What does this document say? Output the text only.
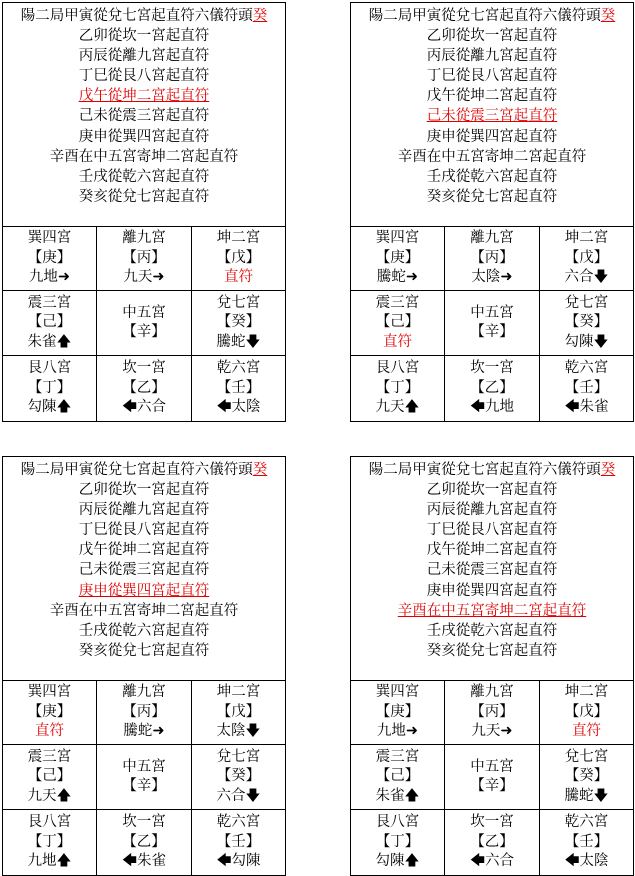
陽二局甲寅從兌七宮起直符六儀符頭癸
乙卯從坎一宮起直符
丙辰從離九宮起直符
丁巳從艮八宮起直符
戊午從坤二宮起直符
己未從震三宮起直符
庚申從巽四宮起直符
辛酉在中五宮寄坤二宮起直符
壬戌從乾六宮起直符
癸亥從兌七宮起直符
巽四宮
【庚】
九地➜
離九宮
【丙】
九天➜
坤二宮
【戊】
直符
震三宮
【己】
朱雀🡅
中五宮
【辛】
兌七宮
【癸】
騰蛇🡇
艮八宮
【丁】
勾陳🡅
坎一宮
【乙】
🡄六合
乾六宮
【壬】
🡄太陰
陽二局甲寅從兌七宮起直符六儀符頭癸
乙卯從坎一宮起直符
丙辰從離九宮起直符
丁巳從艮八宮起直符
戊午從坤二宮起直符
己未從震三宮起直符
庚申從巽四宮起直符
辛酉在中五宮寄坤二宮起直符
壬戌從乾六宮起直符
癸亥從兌七宮起直符
巽四宮
【庚】
騰蛇➜
離九宮
【丙】
太陰➜
坤二宮
【戊】
六合🡇
震三宮
【己】
直符
中五宮
【辛】
兌七宮
【癸】
勾陳🡇
艮八宮
【丁】
九天🡅
坎一宮
【乙】
🡄九地
乾六宮
【壬】
🡄朱雀
陽二局甲寅從兌七宮起直符六儀符頭癸
乙卯從坎一宮起直符
丙辰從離九宮起直符
丁巳從艮八宮起直符
戊午從坤二宮起直符
己未從震三宮起直符
庚申從巽四宮起直符
辛酉在中五宮寄坤二宮起直符
壬戌從乾六宮起直符
癸亥從兌七宮起直符
巽四宮
【庚】
直符
離九宮
【丙】
騰蛇➜
坤二宮
【戊】
太陰🡇
震三宮
【己】
九天🡅
中五宮
【辛】
兌七宮
【癸】
六合🡇
艮八宮
【丁】
九地🡅
坎一宮
【乙】
🡄朱雀
乾六宮
【壬】
🡄勾陳
陽二局甲寅從兌七宮起直符六儀符頭癸
乙卯從坎一宮起直符
丙辰從離九宮起直符
丁巳從艮八宮起直符
戊午從坤二宮起直符
己未從震三宮起直符
庚申從巽四宮起直符
辛酉在中五宮寄坤二宮起直符
壬戌從乾六宮起直符
癸亥從兌七宮起直符
巽四宮
【庚】
九地➜
離九宮
【丙】
九天➜
坤二宮
【戊】
直符
震三宮
【己】
朱雀🡅
中五宮
【辛】
兌七宮
【癸】
騰蛇🡇
艮八宮
【丁】
勾陳🡅
坎一宮
【乙】
🡄六合
乾六宮
【壬】
🡄太陰
